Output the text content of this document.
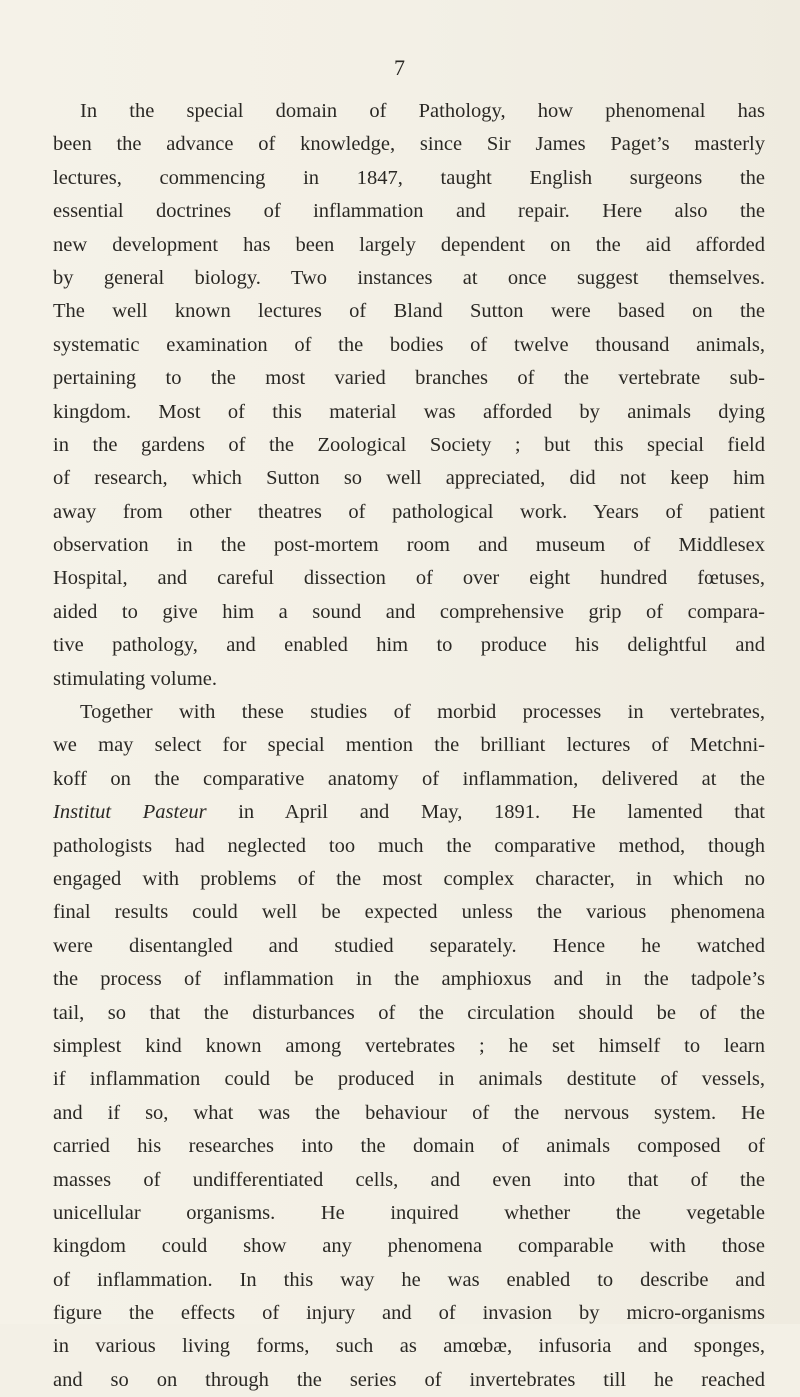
7
In the special domain of Pathology, how phenomenal has
been the advance of knowledge, since Sir James Paget’s masterly
lectures, commencing in 1847, taught English surgeons the
essential doctrines of inflammation and repair. Here also the
new development has been largely dependent on the aid afforded
by general biology. Two instances at once suggest themselves.
The well known lectures of Bland Sutton were based on the
systematic examination of the bodies of twelve thousand animals,
pertaining to the most varied branches of the vertebrate sub-
kingdom. Most of this material was afforded by animals dying
in the gardens of the Zoological Society ; but this special field
of research, which Sutton so well appreciated, did not keep him
away from other theatres of pathological work. Years of patient
observation in the post-mortem room and museum of Middlesex
Hospital, and careful dissection of over eight hundred fœtuses,
aided to give him a sound and comprehensive grip of compara-
tive pathology, and enabled him to produce his delightful and
stimulating volume.
Together with these studies of morbid processes in vertebrates,
we may select for special mention the brilliant lectures of Metchni-
koff on the comparative anatomy of inflammation, delivered at the
Institut Pasteur in April and May, 1891. He lamented that
pathologists had neglected too much the comparative method, though
engaged with problems of the most complex character, in which no
final results could well be expected unless the various phenomena
were disentangled and studied separately. Hence he watched
the process of inflammation in the amphioxus and in the tadpole’s
tail, so that the disturbances of the circulation should be of the
simplest kind known among vertebrates ; he set himself to learn
if inflammation could be produced in animals destitute of vessels,
and if so, what was the behaviour of the nervous system. He
carried his researches into the domain of animals composed of
masses of undifferentiated cells, and even into that of the
unicellular organisms. He inquired whether the vegetable
kingdom could show any phenomena comparable with those
of inflammation. In this way he was enabled to describe and
figure the effects of injury and of invasion by micro-organisms
in various living forms, such as amœbæ, infusoria and sponges,
and so on through the series of invertebrates till he reached
